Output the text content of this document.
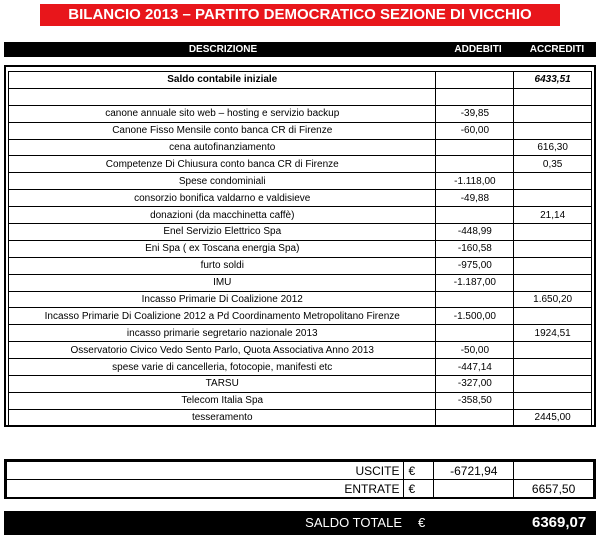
BILANCIO 2013 – PARTITO DEMOCRATICO SEZIONE DI VICCHIO
DESCRIZIONE	ADDEBITI	ACCREDITI
Saldo contabile iniziale		6433,51

canone annuale sito web – hosting e servizio backup	-39,85	
Canone Fisso Mensile conto banca CR di Firenze	-60,00	
cena autofinanziamento		616,30
Competenze Di Chiusura conto banca CR di Firenze		0,35
Spese condominiali	-1.118,00	
consorzio bonifica valdarno e valdisieve	-49,88	
donazioni (da macchinetta caffè)		21,14
Enel Servizio Elettrico Spa	-448,99	
Eni Spa ( ex Toscana energia Spa)	-160,58	
furto soldi	-975,00	
IMU	-1.187,00	
Incasso Primarie Di Coalizione 2012		1.650,20
Incasso Primarie Di Coalizione 2012 a Pd Coordinamento Metropolitano Firenze	-1.500,00	
incasso primarie segretario nazionale 2013		1924,51
Osservatorio Civico Vedo Sento Parlo, Quota Associativa Anno 2013	-50,00	
spese varie di cancelleria, fotocopie, manifesti etc	-447,14	
TARSU	-327,00	
Telecom Italia Spa	-358,50	
tesseramento		2445,00
USCITE	€	-6721,94	
ENTRATE	€		6657,50
SALDO TOTALE €	6369,07
